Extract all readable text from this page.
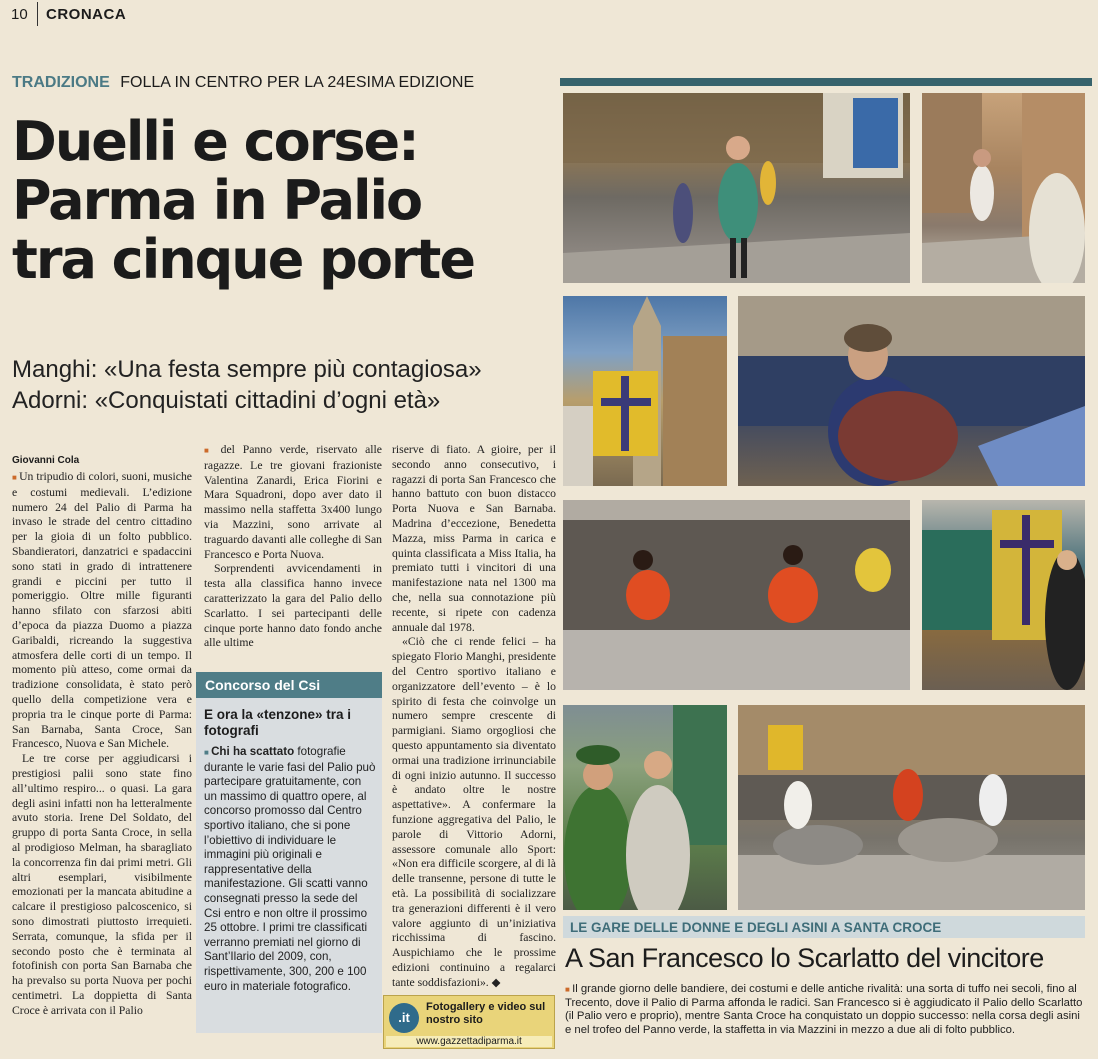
10 CRONACA
TRADIZIONE FOLLA IN CENTRO PER LA 24ESIMA EDIZIONE
Duelli e corse:
Parma in Palio
tra cinque porte
Manghi: «Una festa sempre più contagiosa»
Adorni: «Conquistati cittadini d’ogni età»
Giovanni Cola

■ Un tripudio di colori, suoni, musiche e costumi medievali. L’edizione numero 24 del Palio di Parma ha invaso le strade del centro cittadino per la gioia di un folto pubblico. Sbandieratori, danzatrici e spadaccini sono stati in grado di intrattenere grandi e piccini per tutto il pomeriggio. Oltre mille figuranti hanno sfilato con sfarzosi abiti d’epoca da piazza Duomo a piazza Garibaldi, ricreando la suggestiva atmosfera delle corti di un tempo. Il momento più atteso, come ormai da tradizione consolidata, è stato però quello della competizione vera e propria tra le cinque porte di Parma: San Barnaba, Santa Croce, San Francesco, Nuova e San Michele.

Le tre corse per aggiudicarsi i prestigiosi palii sono state fino all’ultimo respiro... o quasi. La gara degli asini infatti non ha letteralmente avuto storia. Irene Del Soldato, del gruppo di porta Santa Croce, in sella al prodigioso Melman, ha sbaragliato la concorrenza fin dai primi metri. Gli altri esemplari, visibilmente emozionati per la mancata abitudine a calcare il prestigioso palcoscenico, si sono dimostrati piuttosto irrequieti. Serrata, comunque, la sfida per il secondo posto che è terminata al fotofinish con porta San Barnaba che ha prevalso su porta Nuova per pochi centimetri. La doppietta di Santa Croce è arrivata con il Palio

■ del Panno verde, riservato alle ragazze. Le tre giovani frazioniste Valentina Zanardi, Erica Fiorini e Mara Squadroni, dopo aver dato il massimo nella staffetta 3x400 lungo via Mazzini, sono arrivate al traguardo davanti alle colleghe di San Francesco e Porta Nuova.

Sorprendenti avvicendamenti in testa alla classifica hanno invece caratterizzato la gara del Palio dello Scarlatto. I sei partecipanti delle cinque porte hanno dato fondo anche alle ultime

riserve di fiato. A gioire, per il secondo anno consecutivo, i ragazzi di porta San Francesco che hanno battuto con buon distacco Porta Nuova e San Barnaba. Madrina d’eccezione, Benedetta Mazza, miss Parma in carica e quinta classificata a Miss Italia, ha premiato tutti i vincitori di una manifestazione nata nel 1300 ma che, nella sua connotazione più recente, si ripete con cadenza annuale dal 1978.

«Ciò che ci rende felici – ha spiegato Florio Manghi, presidente del Centro sportivo italiano e organizzatore dell’evento – è lo spirito di festa che coinvolge un numero sempre crescente di parmigiani. Siamo orgogliosi che questo appuntamento sia diventato ormai una tradizione irrinunciabile di ogni inizio autunno. Il successo è andato oltre le nostre aspettative». A confermare la funzione aggregativa del Palio, le parole di Vittorio Adorni, assessore comunale allo Sport: «Non era difficile scorgere, al di là delle transenne, persone di tutte le età. La possibilità di socializzare tra generazioni differenti è il vero valore aggiunto di un’iniziativa ricchissima di fascino. Auspichiamo che le prossime edizioni continuino a regalarci tante soddisfazioni». ◆

Concorso del Csi
E ora la «tenzone» tra i fotografi
■ Chi ha scattato fotografie durante le varie fasi del Palio può partecipare gratuitamente, con un massimo di quattro opere, al concorso promosso dal Centro sportivo italiano, che si pone l’obiettivo di individuare le immagini più originali e rappresentative della manifestazione. Gli scatti vanno consegnati presso la sede del Csi entro e non oltre il prossimo 25 ottobre. I primi tre classificati verranno premiati nel giorno di Sant’Ilario del 2009, con, rispettivamente, 300, 200 e 100 euro in materiale fotografico.
.it
Fotogallery e video sul nostro sito
www.gazzettadiparma.it
LE GARE DELLE DONNE E DEGLI ASINI A SANTA CROCE
A San Francesco lo Scarlatto del vincitore
■ Il grande giorno delle bandiere, dei costumi e delle antiche rivalità: una sorta di tuffo nei secoli, fino al Trecento, dove il Palio di Parma affonda le radici. San Francesco si è aggiudicato il Palio dello Scarlatto (il Palio vero e proprio), mentre Santa Croce ha conquistato un doppio successo: nella corsa degli asini e nel trofeo del Panno verde, la staffetta in via Mazzini in mezzo a due ali di folto pubblico.
